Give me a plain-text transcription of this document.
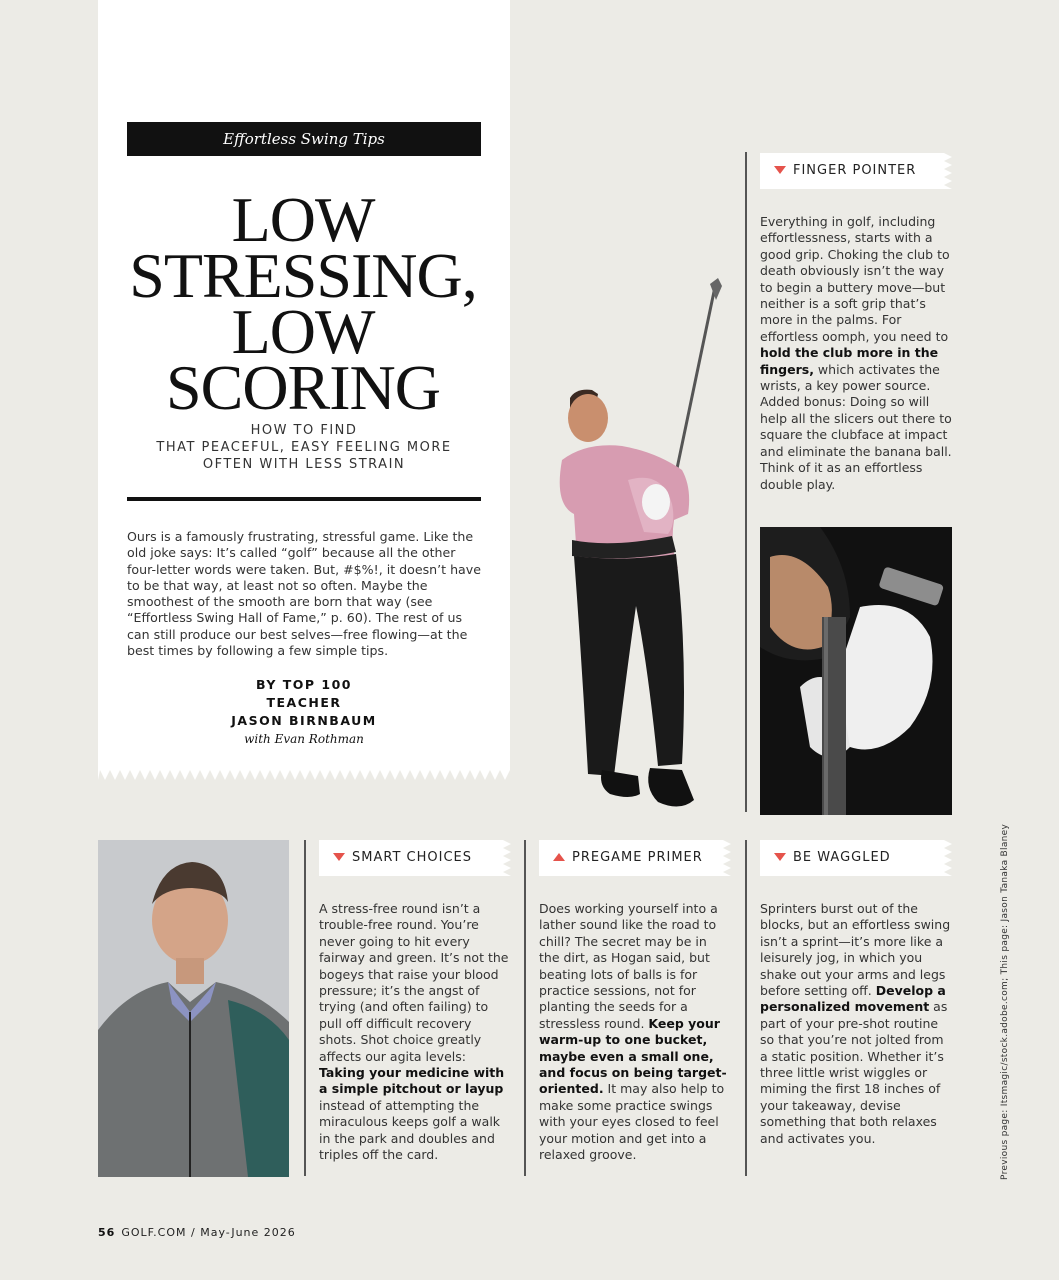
Effortless Swing Tips
LOW
STRESSING,
LOW
SCORING
HOW TO FIND
THAT PEACEFUL, EASY FEELING MORE
OFTEN WITH LESS STRAIN

Ours is a famously frustrating, stressful game. Like the old joke says: It’s called “golf” because all the other four-letter words were taken. But, #$%!, it doesn’t have to be that way, at least not so often. Maybe the smoothest of the smooth are born that way (see “Effortless Swing Hall of Fame,” p. 60). The rest of us can still produce our best selves—free flowing—at the best times by following a few simple tips.

BY TOP 100
TEACHER
JASON BIRNBAUM
with Evan Rothman
FINGER POINTER

Everything in golf, including effortlessness, starts with a good grip. Choking the club to death obviously isn’t the way to begin a buttery move—but neither is a soft grip that’s more in the palms. For effortless oomph, you need to hold the club more in the fingers, which activates the wrists, a key power source. Added bonus: Doing so will help all the slicers out there to square the clubface at impact and eliminate the banana ball. Think of it as an effortless double play.

SMART CHOICES

A stress-free round isn’t a trouble-free round. You’re never going to hit every fairway and green. It’s not the bogeys that raise your blood pressure; it’s the angst of trying (and often failing) to pull off difficult recovery shots. Shot choice greatly affects our agita levels: Taking your medicine with a simple pitchout or layup instead of attempting the miraculous keeps golf a walk in the park and doubles and triples off the card.

PREGAME PRIMER

Does working yourself into a lather sound like the road to chill? The secret may be in the dirt, as Hogan said, but beating lots of balls is for practice sessions, not for planting the seeds for a stressless round. Keep your warm-up to one bucket, maybe even a small one, and focus on being target-oriented. It may also help to make some practice swings with your eyes closed to feel your motion and get into a relaxed groove.

BE WAGGLED

Sprinters burst out of the blocks, but an effortless swing isn’t a sprint—it’s more like a leisurely jog, in which you shake out your arms and legs before setting off. Develop a personalized movement as part of your pre-shot routine so that you’re not jolted from a static position. Whether it’s three little wrist wiggles or miming the first 18 inches of your takeaway, devise something that both relaxes and activates you.	Previous page: Itsmagic/stock.adobe.com; This page: Jason Tanaka Blaney
56 GOLF.COM / May-June 2026
